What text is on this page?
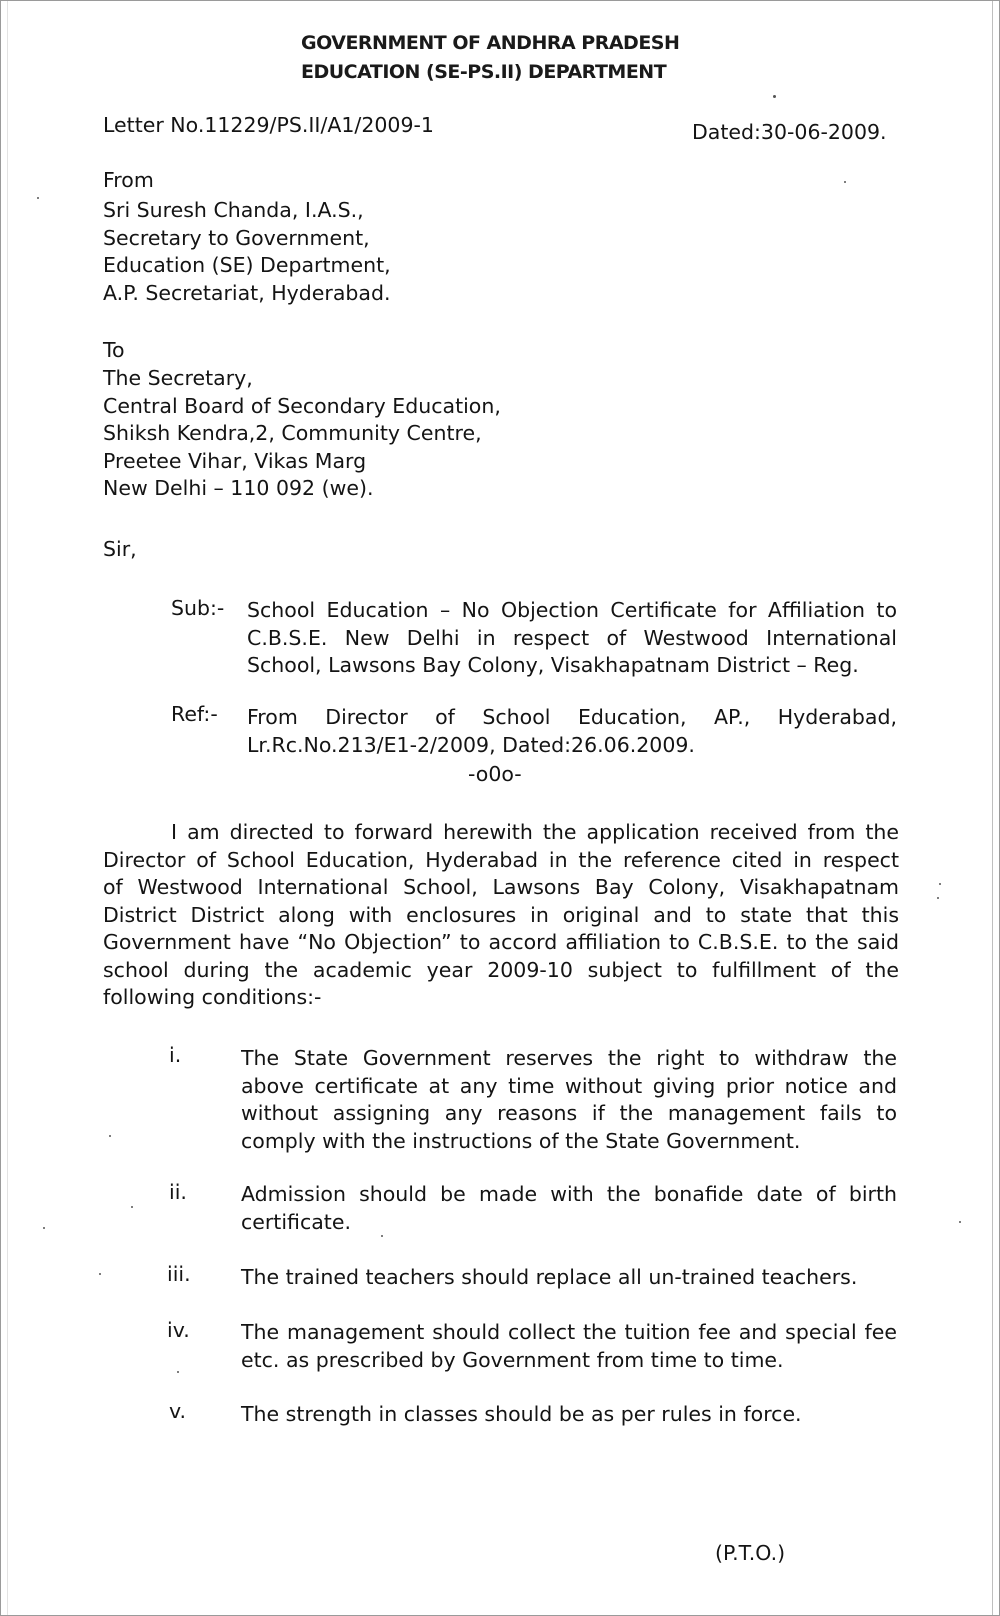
GOVERNMENT OF ANDHRA PRADESH
EDUCATION (SE-PS.II) DEPARTMENT
Letter No.11229/PS.II/A1/2009-1	Dated:30-06-2009.
From
Sri Suresh Chanda, I.A.S.,
Secretary to Government,
Education (SE) Department,
A.P. Secretariat, Hyderabad.
To
The Secretary,
Central Board of Secondary Education,
Shiksh Kendra,2, Community Centre,
Preetee Vihar, Vikas Marg
New Delhi – 110 092 (we).
Sir,
Sub:- School Education – No Objection Certificate for Affiliation to
C.B.S.E. New Delhi in respect of Westwood International
School, Lawsons Bay Colony, Visakhapatnam District – Reg.
Ref:- From Director of School Education, AP., Hyderabad,
Lr.Rc.No.213/E1-2/2009, Dated:26.06.2009.
-o0o-
I am directed to forward herewith the application received from the
Director of School Education, Hyderabad in the reference cited in respect
of Westwood International School, Lawsons Bay Colony, Visakhapatnam
District District along with enclosures in original and to state that this
Government have “No Objection” to accord affiliation to C.B.S.E. to the said
school during the academic year 2009-10 subject to fulfillment of the
following conditions:-
i.	The State Government reserves the right to withdraw the
above certificate at any time without giving prior notice and
without assigning any reasons if the management fails to
comply with the instructions of the State Government.
ii.	Admission should be made with the bonafide date of birth
certificate.
iii. The trained teachers should replace all un-trained teachers.
iv. The management should collect the tuition fee and special fee
etc. as prescribed by Government from time to time.
v.	The strength in classes should be as per rules in force.
(P.T.O.)
